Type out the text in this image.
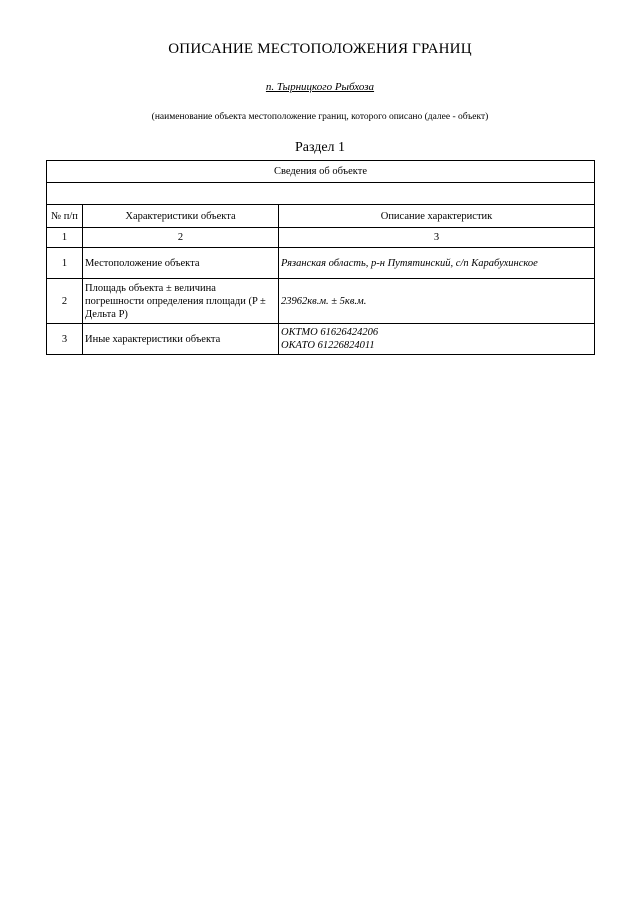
ОПИСАНИЕ МЕСТОПОЛОЖЕНИЯ ГРАНИЦ
п. Тырницкого Рыбхоза
(наименование объекта местоположение границ, которого описано (далее - объект)
Раздел 1
Сведения об объекте		

№ п/п	Характеристики объекта	Описание характеристик
1	2	3
1	Местоположение объекта	Рязанская область, р-н Путятинский, с/п Карабухинское
2	Площадь объекта ± величина погрешности определения площади (P ± Дельта P)	23962кв.м. ± 5кв.м.
3	Иные характеристики объекта	ОКТМО 61626424206
ОКАТО 61226824011
